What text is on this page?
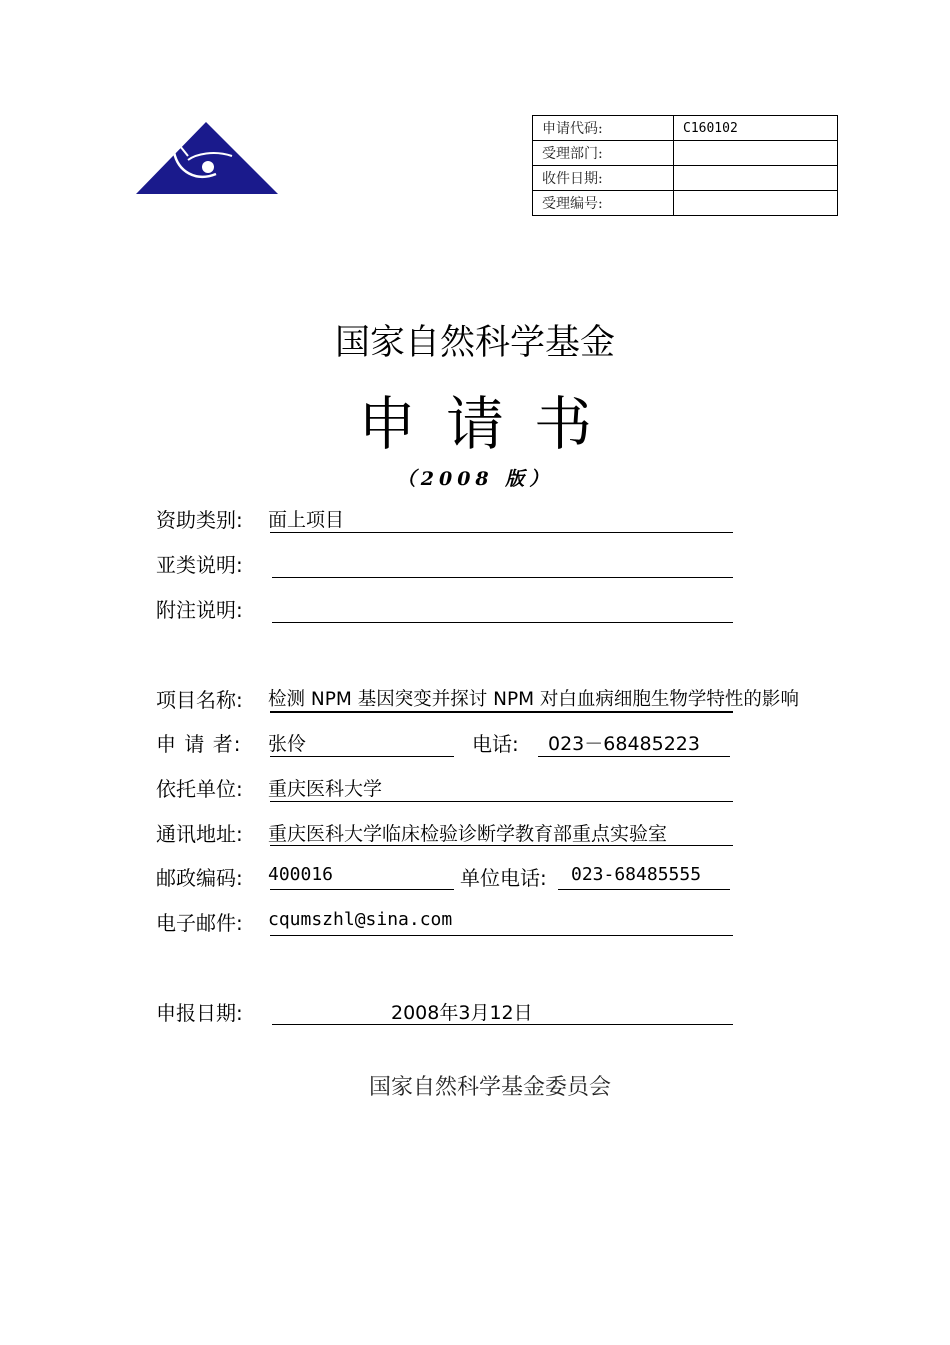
申请代码:	C160102
受理部门:	
收件日期:	
受理编号:	
国家自然科学基金
申请书
（2008 版）
资助类别: 面上项目
亚类说明:
附注说明:
项目名称: 检测 NPM 基因突变并探讨 NPM 对白血病细胞生物学特性的影响
申 请 者: 张伶	电话: 023－68485223
依托单位: 重庆医科大学
通讯地址: 重庆医科大学临床检验诊断学教育部重点实验室
邮政编码: 400016	单位电话: 023-68485555
电子邮件: cqumszhl@sina.com
申报日期:	2008年3月12日
国家自然科学基金委员会
